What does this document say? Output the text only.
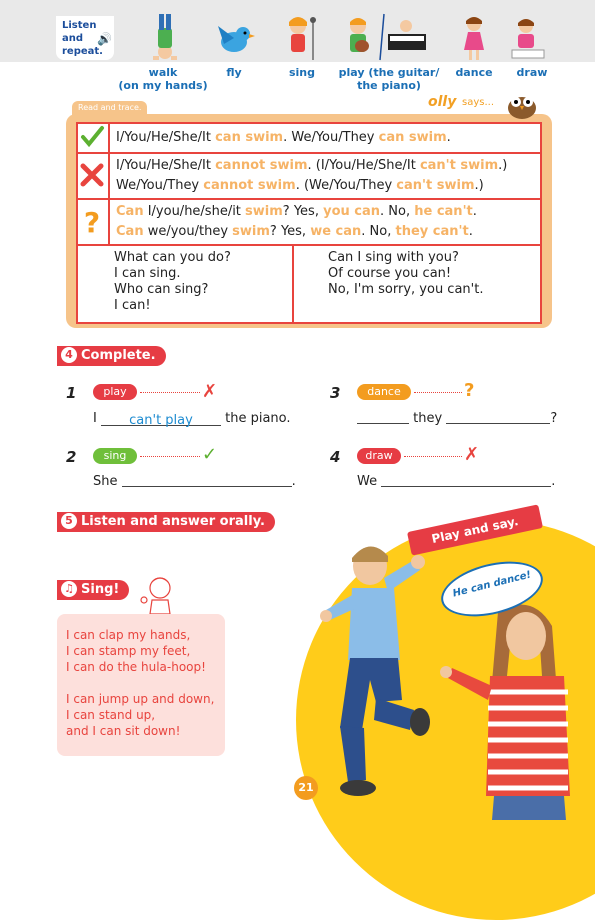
Listen
and
repeat.
🔊
walk
(on my hands)
fly	sing	play (the guitar/
the piano)
dance	draw
Read and trace.	olly says...
I/You/He/She/It can swim. We/You/They can swim.
I/You/He/She/It cannot swim. (I/You/He/She/It can't swim.)
We/You/They cannot swim. (We/You/They can't swim.)
? Can I/you/he/she/it swim? Yes, you can. No, he can't.
Can we/you/they swim? Yes, we can. No, they can't.
What can you do?
I can sing.
Who can sing?
I can!
Can I sing with you?
Of course you can!
No, I'm sorry, you can't.
4 Complete.
1	play	✗
I can't play the piano.
2	sing	✓
She	.
3	dance	?
they	?
4	draw	✗
We	.
5 Listen and answer orally.
♫ Sing!
I can clap my hands,
I can stamp my feet,
I can do the hula-hoop!
I can jump up and down,
I can stand up,
and I can sit down!
Play and say.
He can dance!
21
